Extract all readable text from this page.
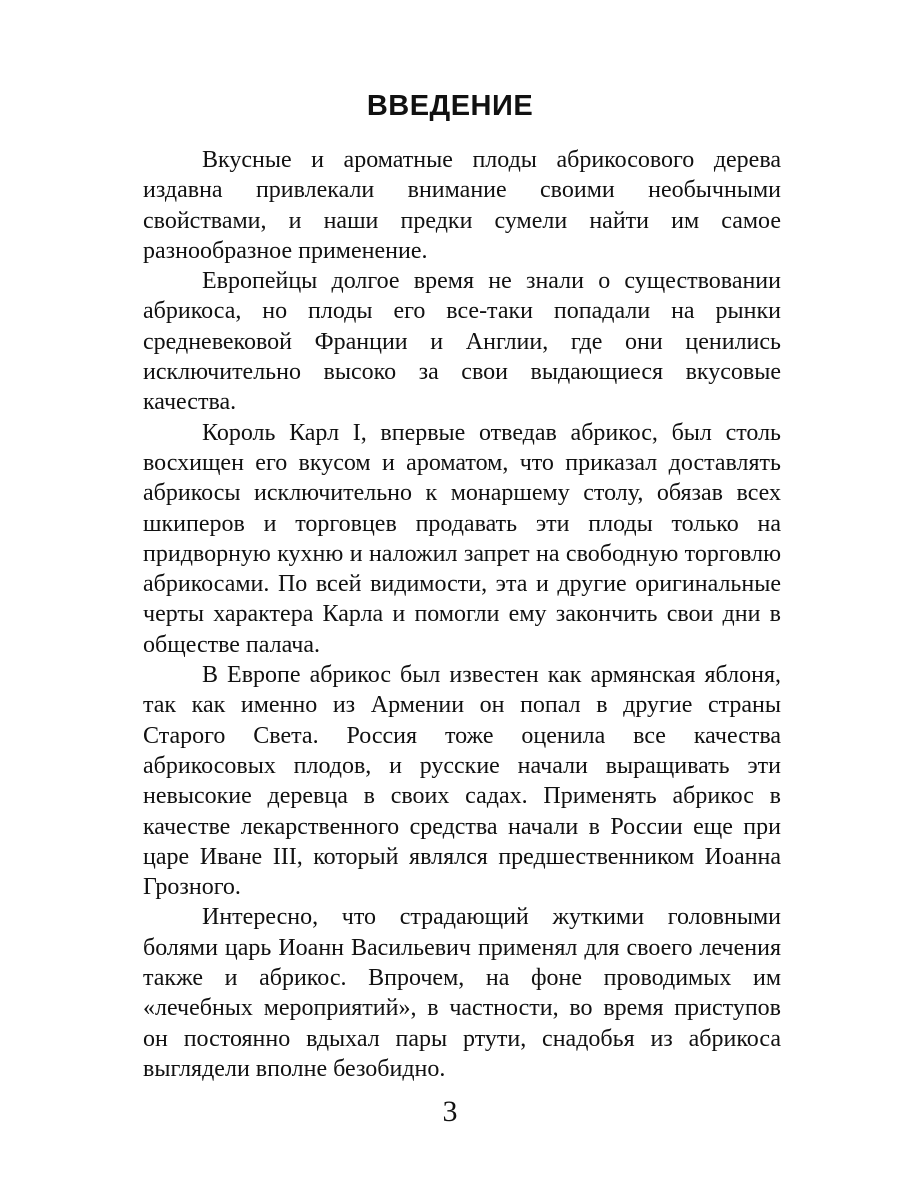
ВВЕДЕНИЕ

Вкусные и ароматные плоды абрикосового дерева издавна привлекали внимание своими необычными свойствами, и наши предки сумели найти им самое разнообразное применение.

Европейцы долгое время не знали о существовании абрикоса, но плоды его все-таки попадали на рынки средневековой Франции и Англии, где они ценились исключительно высоко за свои выдающиеся вкусовые качества.

Король Карл I, впервые отведав абрикос, был столь восхищен его вкусом и ароматом, что приказал доставлять абрикосы исключительно к монаршему столу, обязав всех шкиперов и торговцев продавать эти плоды только на придворную кухню и наложил запрет на свободную торговлю абрикосами. По всей видимости, эта и другие оригинальные черты характера Карла и помогли ему закончить свои дни в обществе палача.

В Европе абрикос был известен как армянская яблоня, так как именно из Армении он попал в другие страны Старого Света. Россия тоже оценила все качества абрикосовых плодов, и русские начали выращивать эти невысокие деревца в своих садах. Применять абрикос в качестве лекарственного средства начали в России еще при царе Иване III, который являлся предшественником Иоанна Грозного.

Интересно, что страдающий жуткими головными болями царь Иоанн Васильевич применял для своего лечения также и абрикос. Впрочем, на фоне проводимых им «лечебных мероприятий», в частности, во время приступов он постоянно вдыхал пары ртути, снадобья из абрикоса выглядели вполне безобидно.

3
